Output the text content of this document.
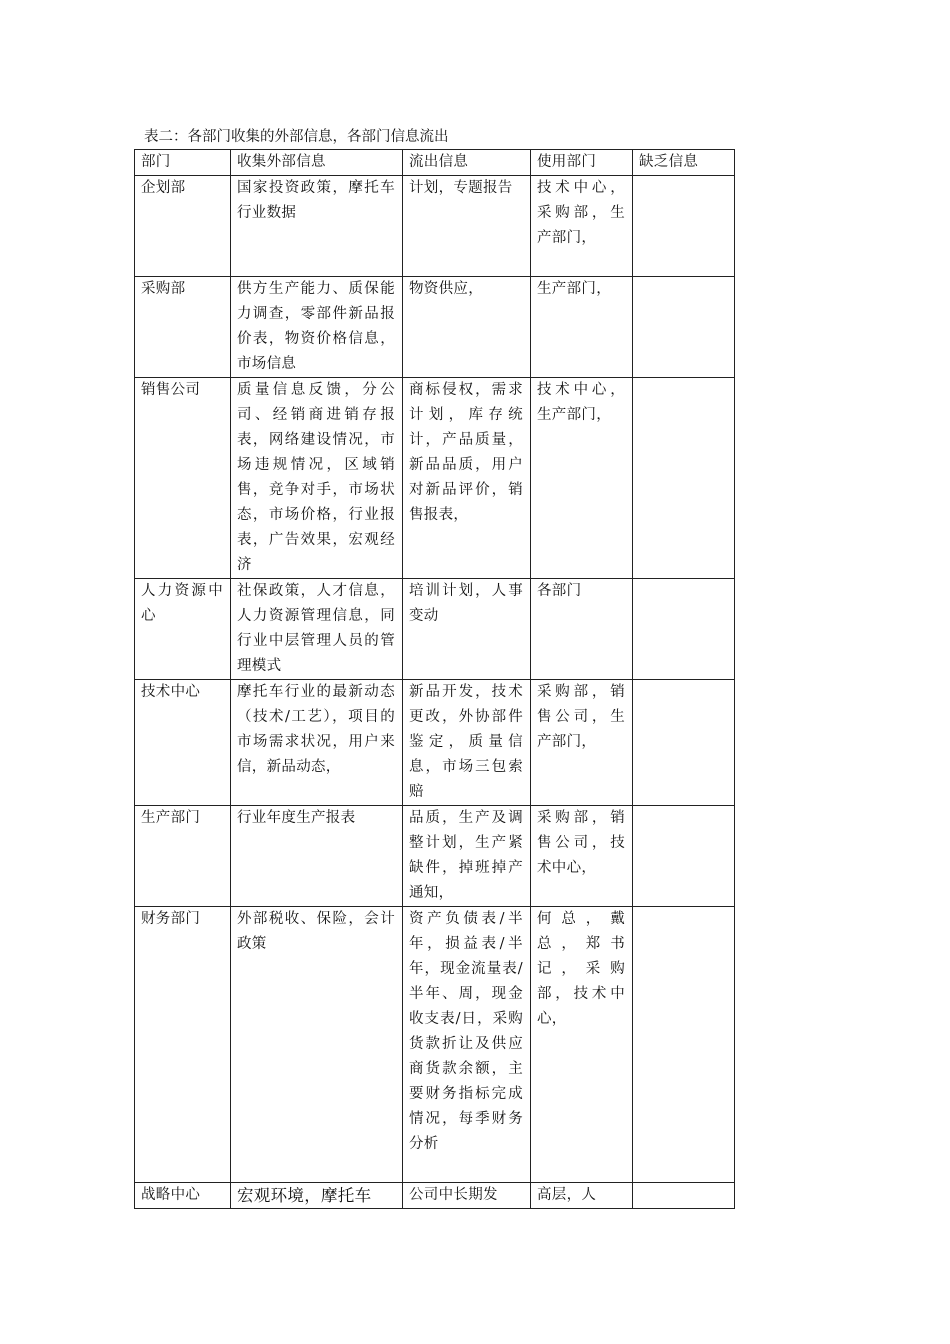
表二：各部门收集的外部信息，各部门信息流出
部门	收集外部信息	流出信息	使用部门	缺乏信息
企划部	国家投资政策，摩托车行业数据	计划，专题报告	技术中心，采购部，生产部门，	
采购部	供方生产能力、质保能力调查，零部件新品报价表，物资价格信息，市场信息	物资供应，	生产部门，	
销售公司	质量信息反馈，分公司、经销商进销存报表，网络建设情况，市场违规情况，区域销售，竞争对手，市场状态，市场价格，行业报表，广告效果，宏观经济	商标侵权，需求计划，库存统计，产品质量，新品品质，用户对新品评价，销售报表，	技术中心，生产部门，	
人力资源中心	社保政策，人才信息，人力资源管理信息，同行业中层管理人员的管理模式	培训计划，人事变动	各部门	
技术中心	摩托车行业的最新动态（技术/工艺），项目的市场需求状况，用户来信，新品动态，	新品开发，技术更改，外协部件鉴定，质量信息，市场三包索赔	采购部，销售公司，生产部门，	
生产部门	行业年度生产报表	品质，生产及调整计划，生产紧缺件，掉班掉产通知，	采购部，销售公司，技术中心，	
财务部门	外部税收、保险，会计政策	资产负债表/半年，损益表/半年，现金流量表/半年、周，现金收支表/日，采购货款折让及供应商货款余额，主要财务指标完成情况，每季财务分析	何总，戴总，郑书记，采购部，技术中心，	
战略中心	宏观环境，摩托车	公司中长期发	高层，人	
